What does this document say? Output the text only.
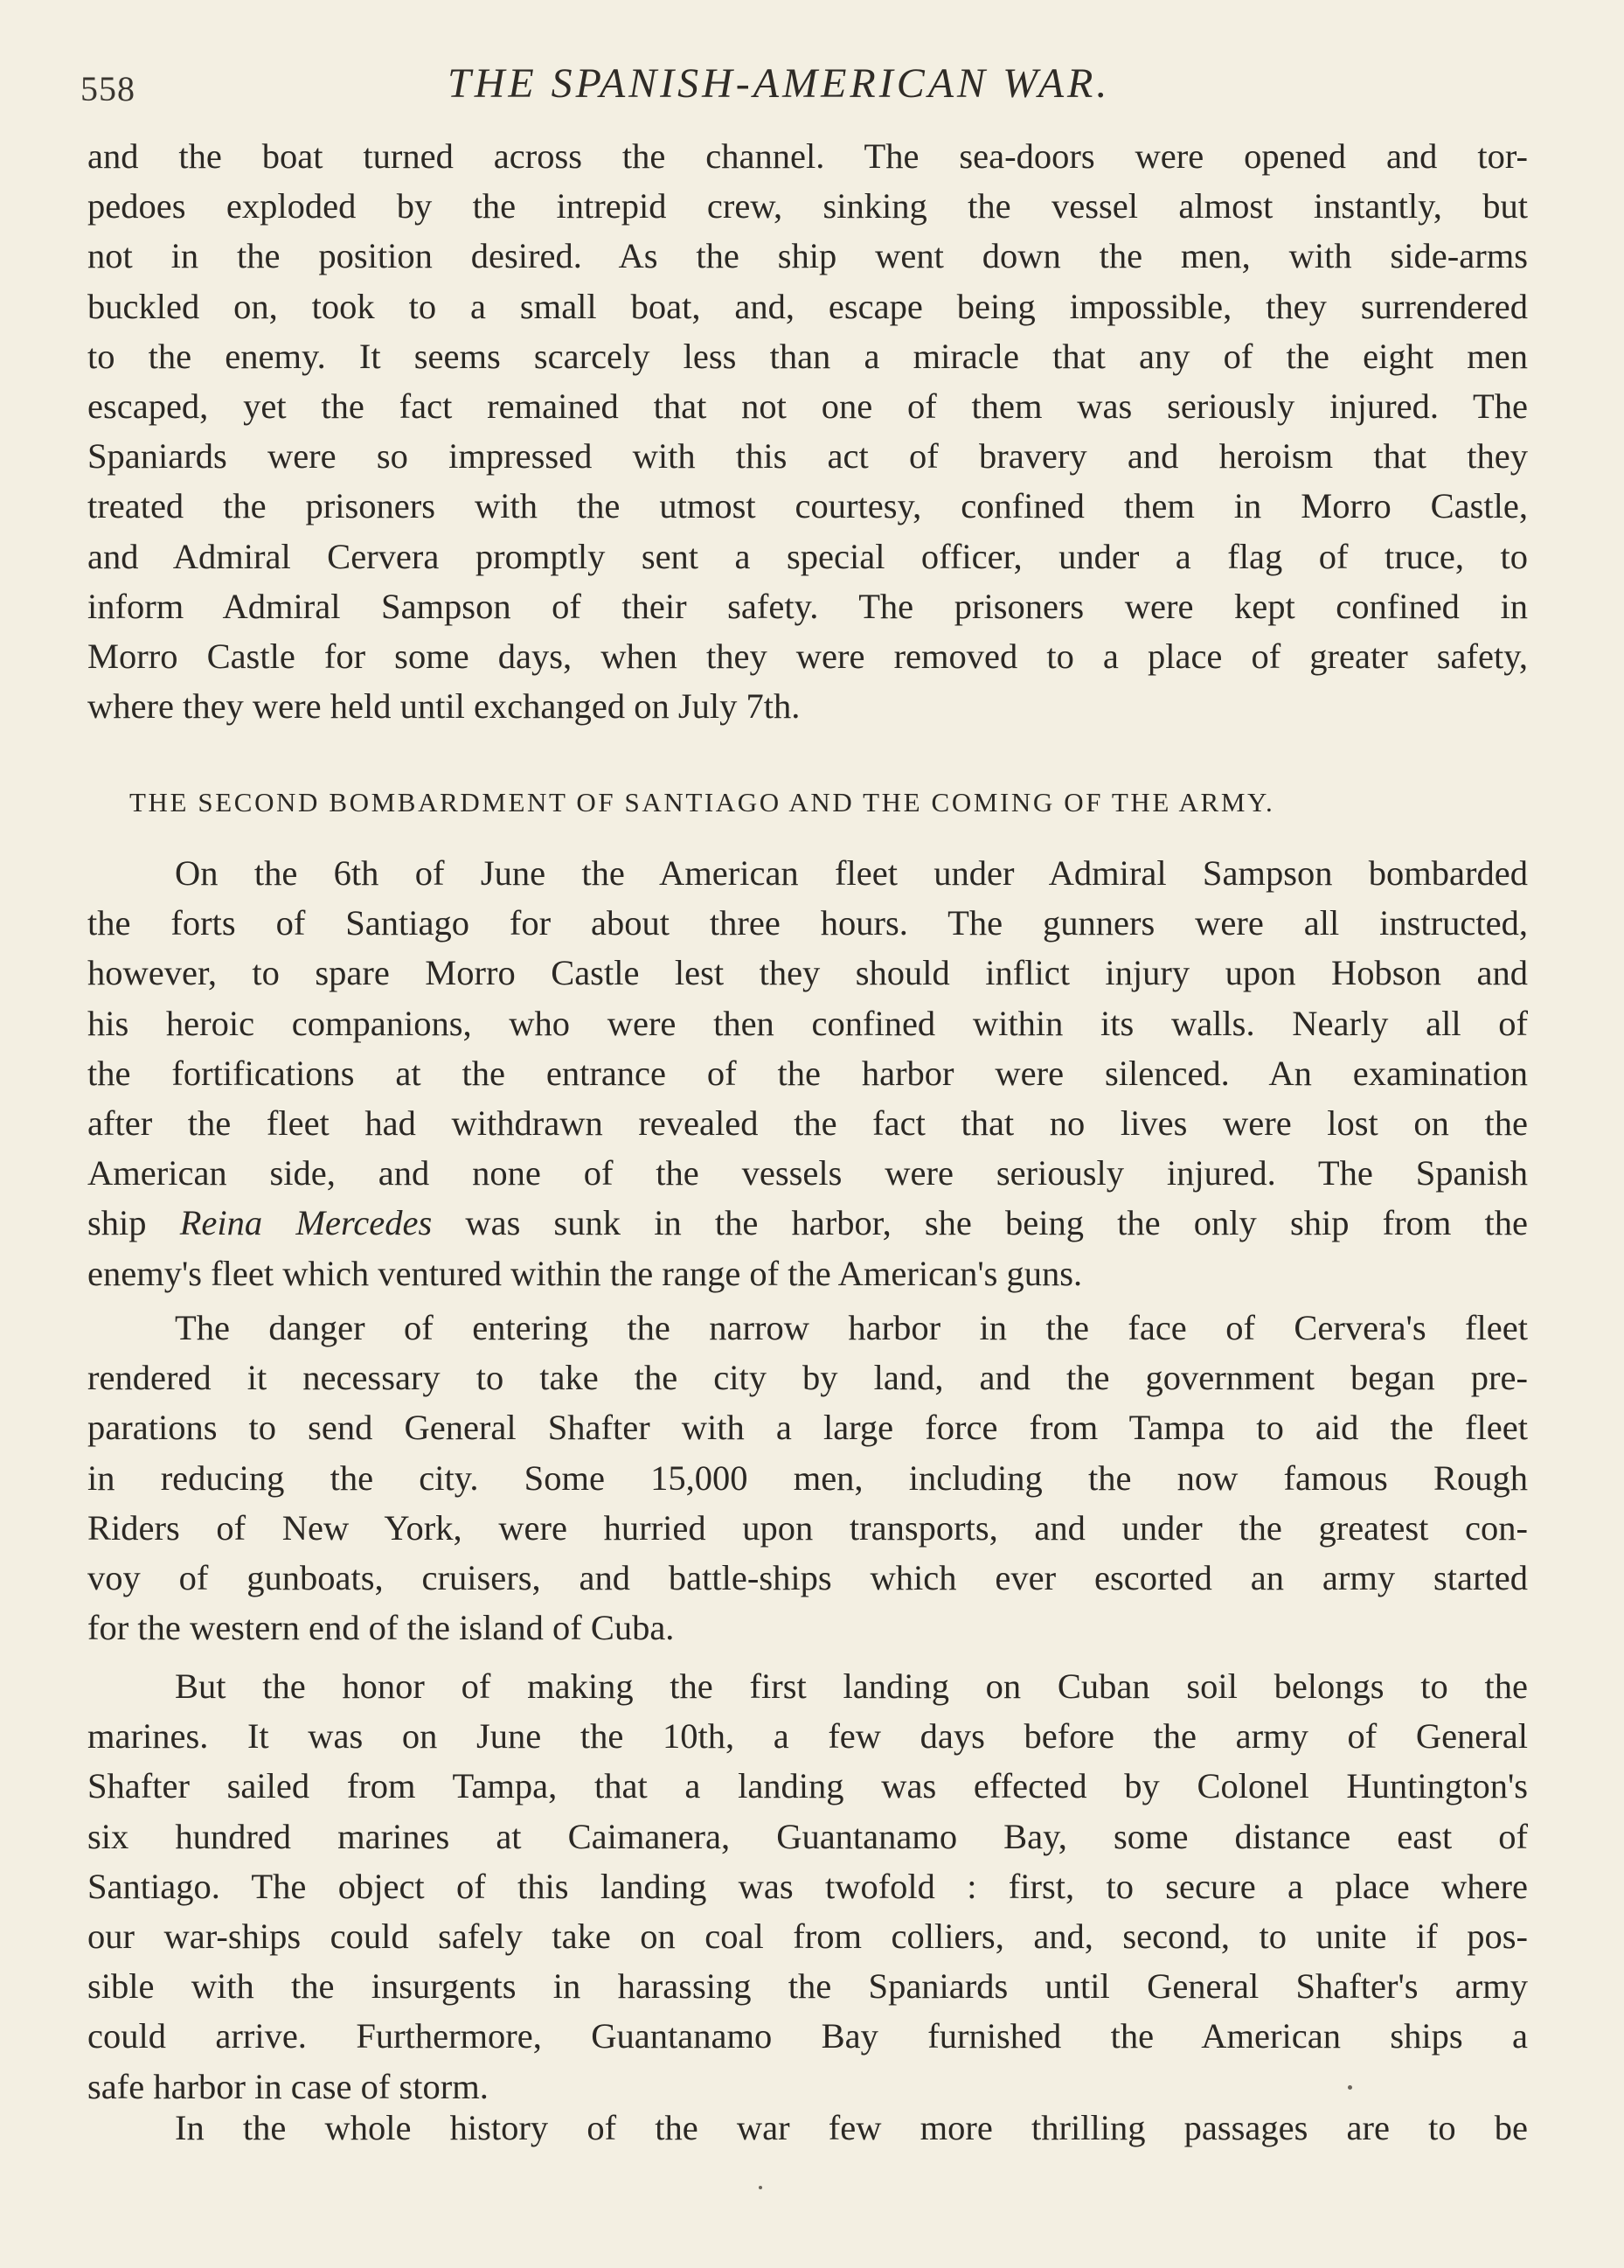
558	THE SPANISH-AMERICAN WAR.
and the boat turned across the channel. The sea-doors were opened and tor-
pedoes exploded by the intrepid crew, sinking the vessel almost instantly, but
not in the position desired. As the ship went down the men, with side-arms
buckled on, took to a small boat, and, escape being impossible, they surrendered
to the enemy. It seems scarcely less than a miracle that any of the eight men
escaped, yet the fact remained that not one of them was seriously injured. The
Spaniards were so impressed with this act of bravery and heroism that they
treated the prisoners with the utmost courtesy, confined them in Morro Castle,
and Admiral Cervera promptly sent a special officer, under a flag of truce, to
inform Admiral Sampson of their safety. The prisoners were kept confined in
Morro Castle for some days, when they were removed to a place of greater safety,
where they were held until exchanged on July 7th.
THE SECOND BOMBARDMENT OF SANTIAGO AND THE COMING OF THE ARMY.
On the 6th of June the American fleet under Admiral Sampson bombarded
the forts of Santiago for about three hours. The gunners were all instructed,
however, to spare Morro Castle lest they should inflict injury upon Hobson and
his heroic companions, who were then confined within its walls. Nearly all of
the fortifications at the entrance of the harbor were silenced. An examination
after the fleet had withdrawn revealed the fact that no lives were lost on the
American side, and none of the vessels were seriously injured. The Spanish
ship Reina Mercedes was sunk in the harbor, she being the only ship from the
enemy's fleet which ventured within the range of the American's guns.
The danger of entering the narrow harbor in the face of Cervera's fleet
rendered it necessary to take the city by land, and the government began pre-
parations to send General Shafter with a large force from Tampa to aid the fleet
in reducing the city. Some 15,000 men, including the now famous Rough
Riders of New York, were hurried upon transports, and under the greatest con-
voy of gunboats, cruisers, and battle-ships which ever escorted an army started
for the western end of the island of Cuba.
But the honor of making the first landing on Cuban soil belongs to the
marines. It was on June the 10th, a few days before the army of General
Shafter sailed from Tampa, that a landing was effected by Colonel Huntington's
six hundred marines at Caimanera, Guantanamo Bay, some distance east of
Santiago. The object of this landing was twofold : first, to secure a place where
our war-ships could safely take on coal from colliers, and, second, to unite if pos-
sible with the insurgents in harassing the Spaniards until General Shafter's army
could arrive. Furthermore, Guantanamo Bay furnished the American ships a
safe harbor in case of storm.
In the whole history of the war few more thrilling passages are to be
